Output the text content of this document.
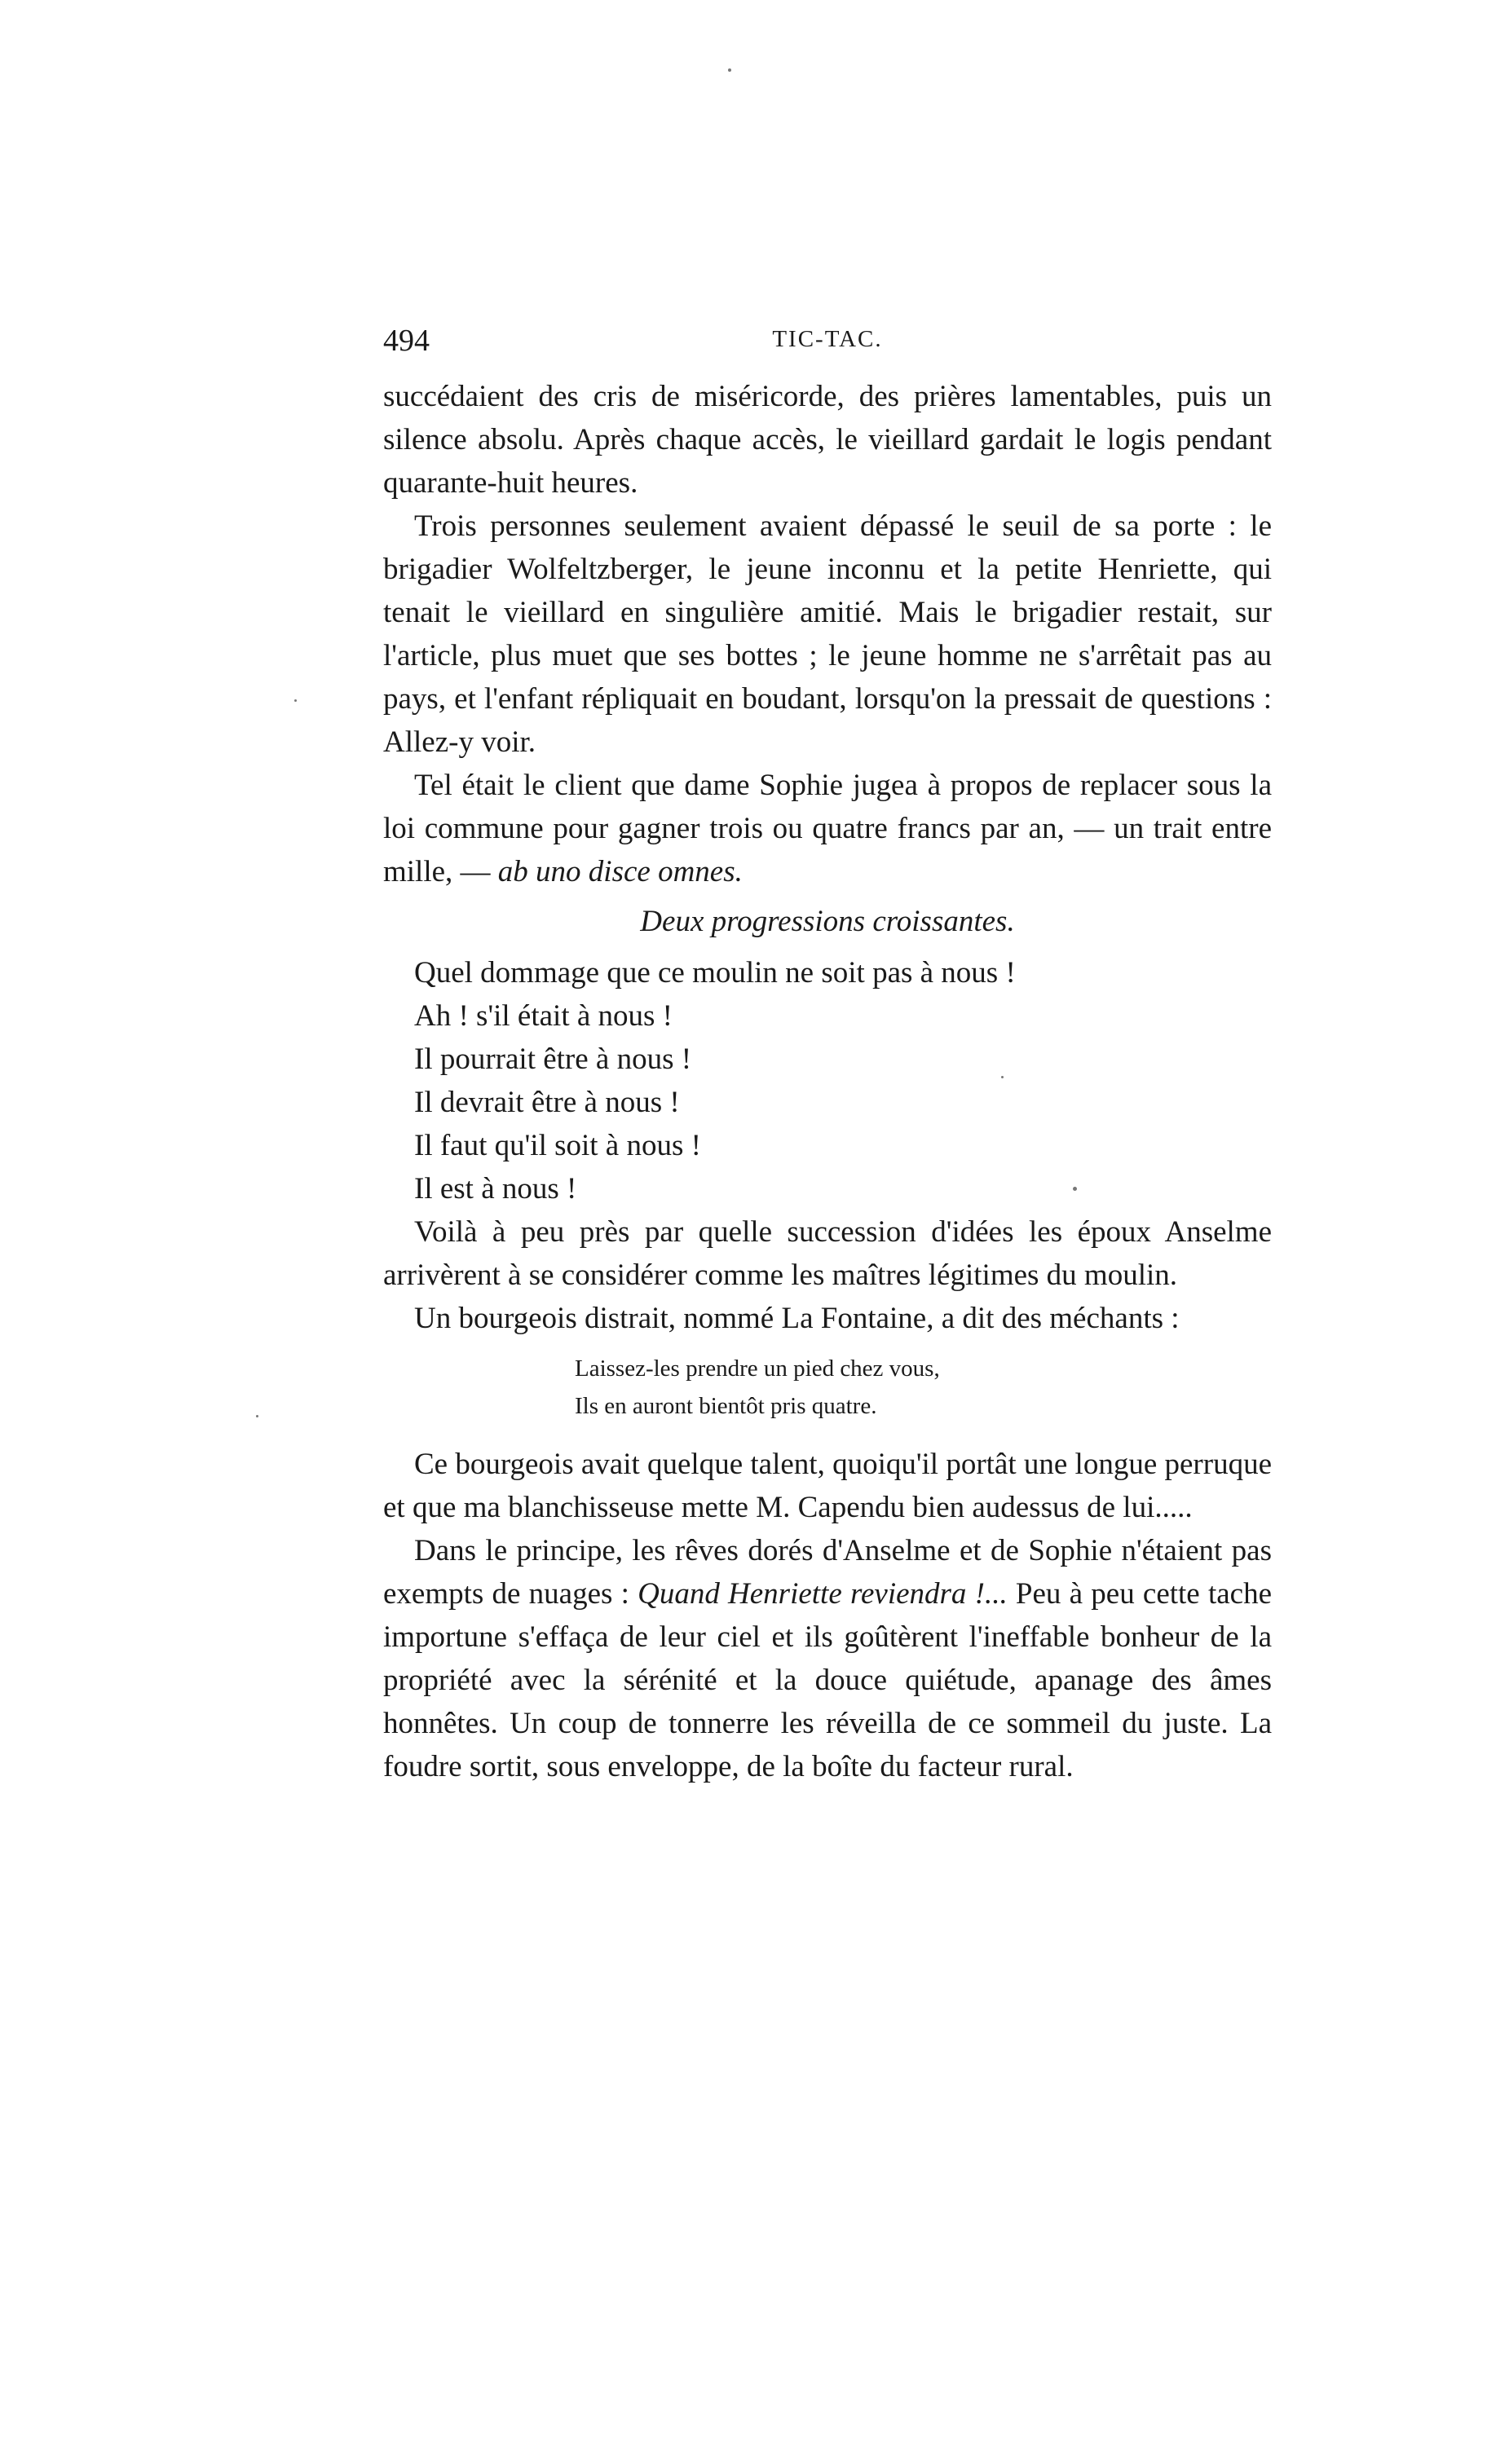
494	TIC-TAC.

succédaient des cris de miséricorde, des prières lamentables, puis un silence absolu. Après chaque accès, le vieillard gardait le logis pendant quarante-huit heures.

Trois personnes seulement avaient dépassé le seuil de sa porte : le brigadier Wolfeltzberger, le jeune inconnu et la petite Henriette, qui tenait le vieillard en singulière amitié. Mais le brigadier restait, sur l'article, plus muet que ses bottes ; le jeune homme ne s'arrêtait pas au pays, et l'enfant répliquait en boudant, lorsqu'on la pressait de questions : Allez-y voir.

Tel était le client que dame Sophie jugea à propos de replacer sous la loi commune pour gagner trois ou quatre francs par an, — un trait entre mille, — ab uno disce omnes.

Deux progressions croissantes.

Quel dommage que ce moulin ne soit pas à nous !
Ah ! s'il était à nous !
Il pourrait être à nous !
Il devrait être à nous !
Il faut qu'il soit à nous !
Il est à nous !

Voilà à peu près par quelle succession d'idées les époux Anselme arrivèrent à se considérer comme les maîtres légitimes du moulin.

Un bourgeois distrait, nommé La Fontaine, a dit des méchants :

Laissez-les prendre un pied chez vous,
Ils en auront bientôt pris quatre.

Ce bourgeois avait quelque talent, quoiqu'il portât une longue perruque et que ma blanchisseuse mette M. Capendu bien audessus de lui.....

Dans le principe, les rêves dorés d'Anselme et de Sophie n'étaient pas exempts de nuages : Quand Henriette reviendra !... Peu à peu cette tache importune s'effaça de leur ciel et ils goûtèrent l'ineffable bonheur de la propriété avec la sérénité et la douce quiétude, apanage des âmes honnêtes. Un coup de tonnerre les réveilla de ce sommeil du juste. La foudre sortit, sous enveloppe, de la boîte du facteur rural.
